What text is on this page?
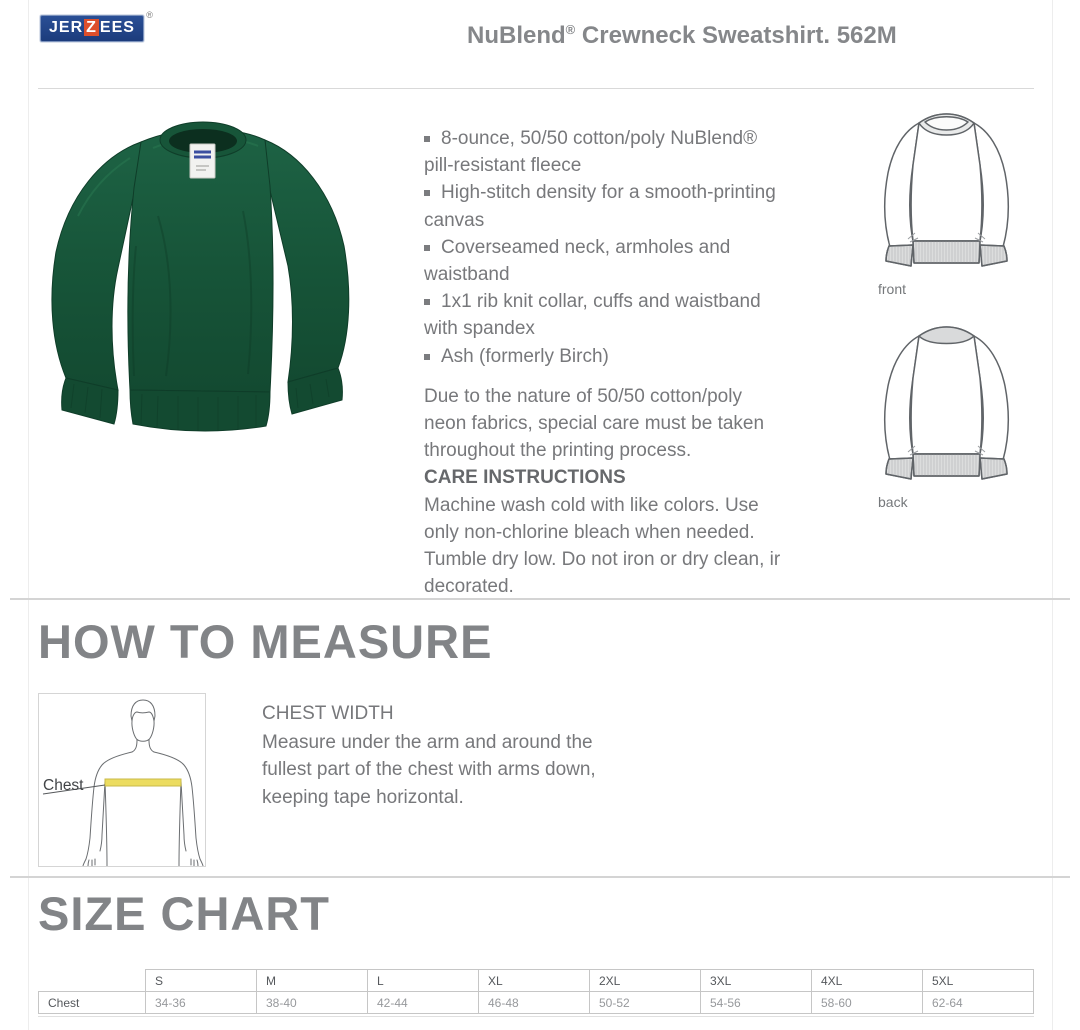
JER Z EES
®
NuBlend® Crewneck Sweatshirt. 562M
8-ounce, 50/50 cotton/poly NuBlend®
pill-resistant fleece
High-stitch density for a smooth-printing
canvas
Coverseamed neck, armholes and
waistband
1x1 rib knit collar, cuffs and waistband
with spandex
Ash (formerly Birch)
Due to the nature of 50/50 cotton/poly
neon fabrics, special care must be taken
throughout the printing process.
CARE INSTRUCTIONS
Machine wash cold with like colors. Use
only non-chlorine bleach when needed.
Tumble dry low. Do not iron or dry clean, ir
decorated.
front
back
HOW TO MEASURE
Chest
CHEST WIDTH
Measure under the arm and around the
fullest part of the chest with arms down,
keeping tape horizontal.
SIZE CHART
	S	M	L	XL	2XL	3XL	4XL	5XL
Chest	34-36	38-40	42-44	46-48	50-52	54-56	58-60	62-64
